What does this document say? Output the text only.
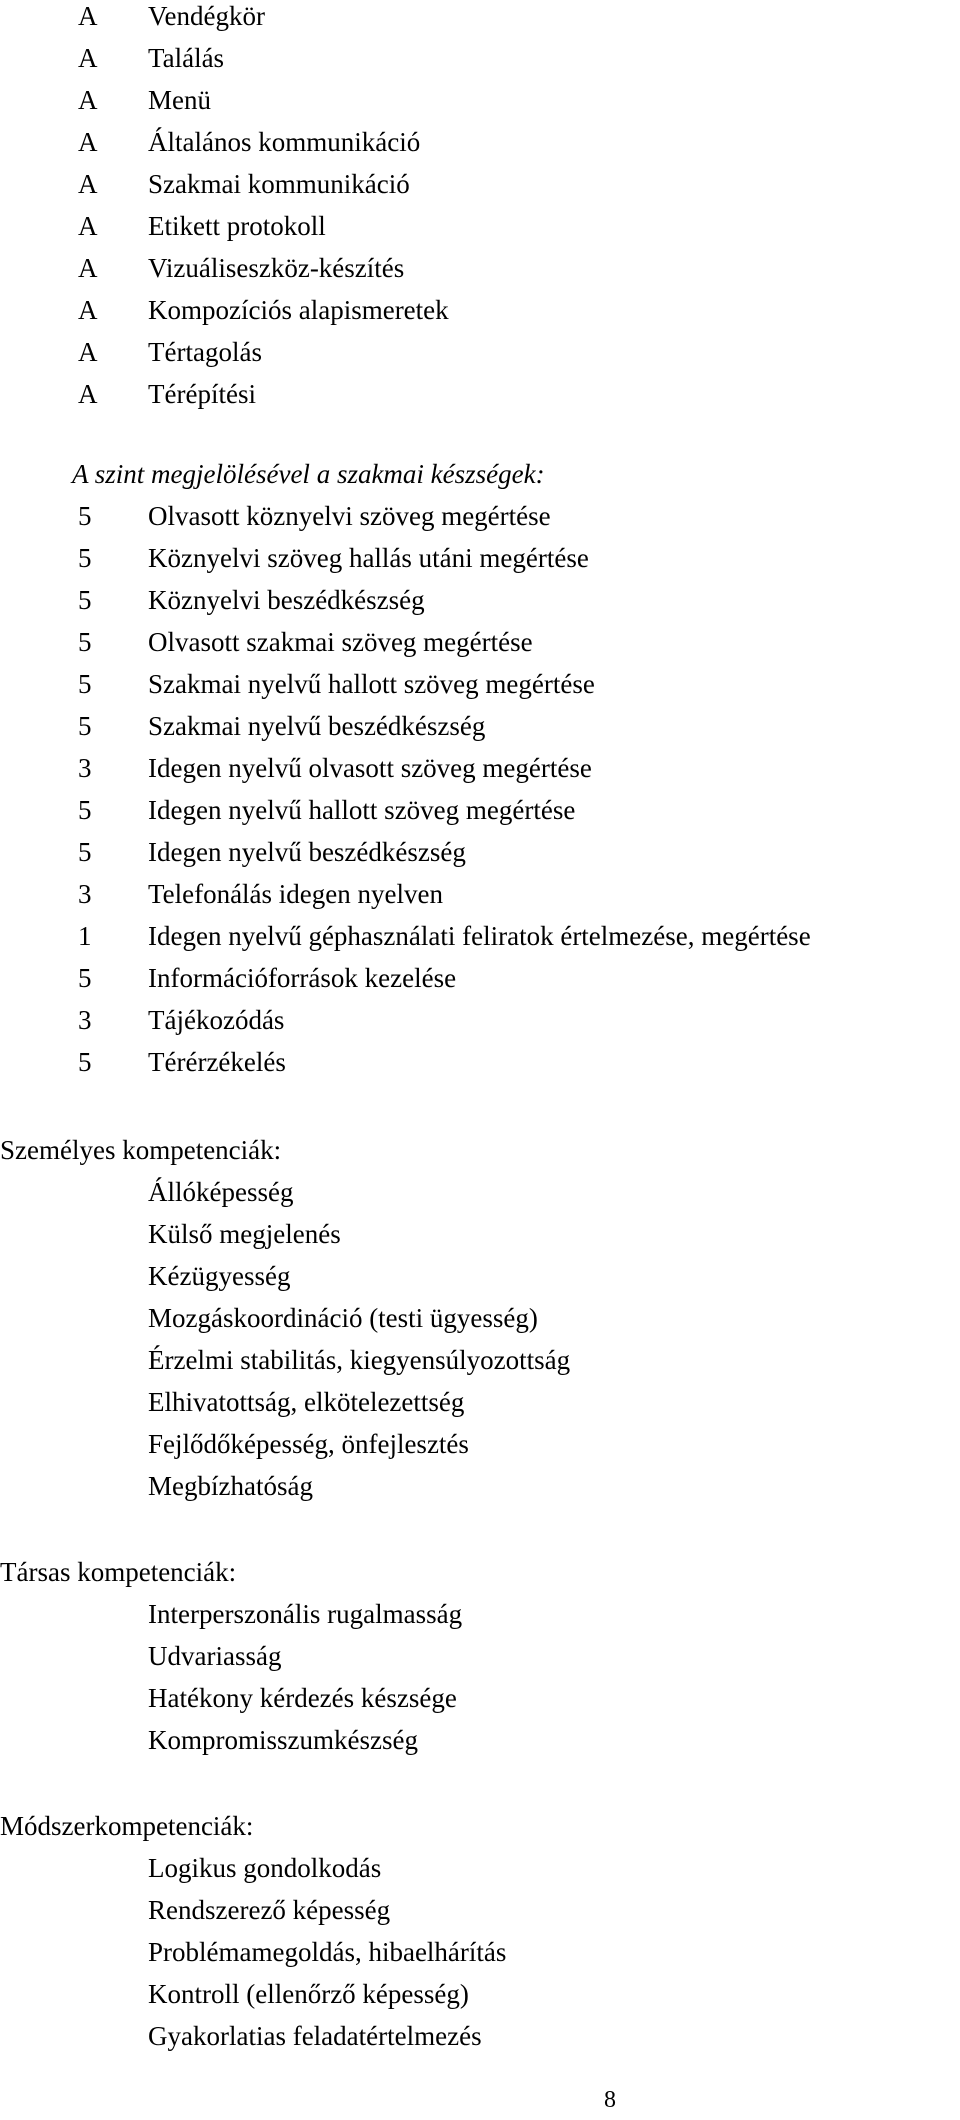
A Vendégkör
A Találás
A Menü
A Általános kommunikáció
A Szakmai kommunikáció
A Etikett protokoll
A Vizuáliseszköz-készítés
A Kompozíciós alapismeretek
A Tértagolás
A Térépítési
A szint megjelölésével a szakmai készségek:
5 Olvasott köznyelvi szöveg megértése
5 Köznyelvi szöveg hallás utáni megértése
5 Köznyelvi beszédkészség
5 Olvasott szakmai szöveg megértése
5 Szakmai nyelvű hallott szöveg megértése
5 Szakmai nyelvű beszédkészség
3 Idegen nyelvű olvasott szöveg megértése
5 Idegen nyelvű hallott szöveg megértése
5 Idegen nyelvű beszédkészség
3 Telefonálás idegen nyelven
1 Idegen nyelvű géphasználati feliratok értelmezése, megértése
5 Információforrások kezelése
3 Tájékozódás
5 Térérzékelés
Személyes kompetenciák:
Állóképesség
Külső megjelenés
Kézügyesség
Mozgáskoordináció (testi ügyesség)
Érzelmi stabilitás, kiegyensúlyozottság
Elhivatottság, elkötelezettség
Fejlődőképesség, önfejlesztés
Megbízhatóság
Társas kompetenciák:
Interperszonális rugalmasság
Udvariasság
Hatékony kérdezés készsége
Kompromisszumkészség
Módszerkompetenciák:
Logikus gondolkodás
Rendszerező képesség
Problémamegoldás, hibaelhárítás
Kontroll (ellenőrző képesség)
Gyakorlatias feladatértelmezés
8
